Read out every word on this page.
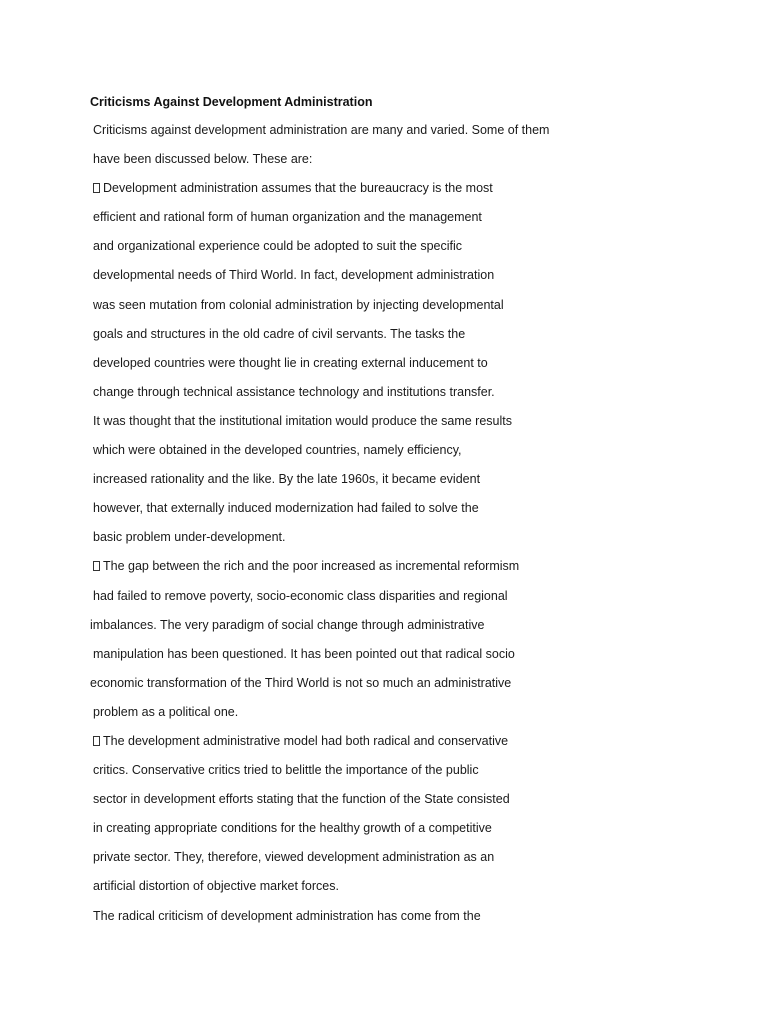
Criticisms Against Development Administration
Criticisms against development administration are many and varied. Some of them
have been discussed below. These are:
Development administration assumes that the bureaucracy is the most
efficient and rational form of human organization and the management
and organizational experience could be adopted to suit the specific
developmental needs of Third World. In fact, development administration
was seen mutation from colonial administration by injecting developmental
goals and structures in the old cadre of civil servants. The tasks the
developed countries were thought lie in creating external inducement to
change through technical assistance technology and institutions transfer.
It was thought that the institutional imitation would produce the same results
which were obtained in the developed countries, namely efficiency,
increased rationality and the like. By the late 1960s, it became evident
however, that externally induced modernization had failed to solve the
basic problem under-development.
The gap between the rich and the poor increased as incremental reformism
had failed to remove poverty, socio-economic class disparities and regional
imbalances. The very paradigm of social change through administrative
manipulation has been questioned. It has been pointed out that radical socio
economic transformation of the Third World is not so much an administrative
problem as a political one.
The development administrative model had both radical and conservative
critics. Conservative critics tried to belittle the importance of the public
sector in development efforts stating that the function of the State consisted
in creating appropriate conditions for the healthy growth of a competitive
private sector. They, therefore, viewed development administration as an
artificial distortion of objective market forces.
The radical criticism of development administration has come from the
